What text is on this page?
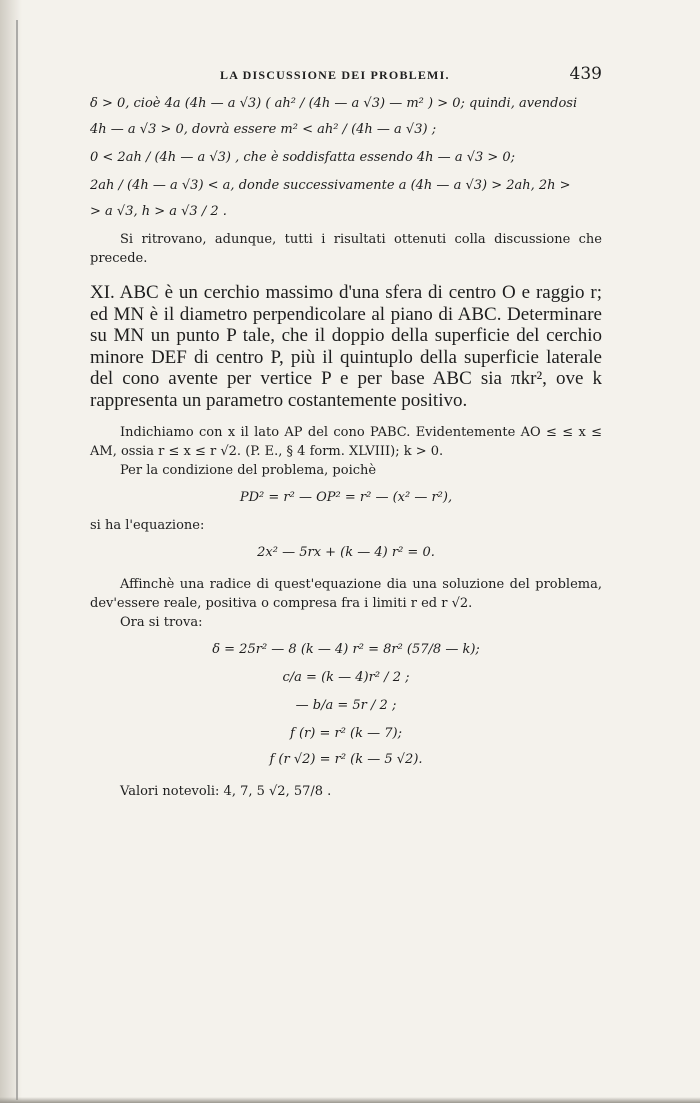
LA DISCUSSIONE DEI PROBLEMI.	439
δ > 0, cioè 4a (4h — a √3) ( ah² / (4h — a √3) — m² ) > 0; quindi, avendosi
4h — a √3 > 0, dovrà essere m² < ah² / (4h — a √3) ;
0 < 2ah / (4h — a √3) , che è soddisfatta essendo 4h — a √3 > 0;
2ah / (4h — a √3) < a, donde successivamente a (4h — a √3) > 2ah, 2h >
> a √3, h > a √3 / 2 .
Si ritrovano, adunque, tutti i risultati ottenuti colla discussione che precede.
XI. ABC è un cerchio massimo d'una sfera di centro O e raggio r; ed MN è il diametro perpendicolare al piano di ABC. Determinare su MN un punto P tale, che il doppio della superficie del cerchio minore DEF di centro P, più il quintuplo della superficie laterale del cono avente per vertice P e per base ABC sia πkr², ove k rappresenta un parametro costantemente positivo.
Indichiamo con x il lato AP del cono PABC. Evidentemente AO ≤ ≤ x ≤ AM, ossia r ≤ x ≤ r √2. (P. E., § 4 form. XLVIII); k > 0.
Per la condizione del problema, poichè
PD² = r² — OP² = r² — (x² — r²),
si ha l'equazione:
2x² — 5rx + (k — 4) r² = 0.
Affinchè una radice di quest'equazione dia una soluzione del problema, dev'essere reale, positiva o compresa fra i limiti r ed r √2.
Ora si trova:
δ = 25r² — 8 (k — 4) r² = 8r² (57/8 — k);
c/a = (k — 4)r² / 2 ;
— b/a = 5r / 2 ;
f (r) = r² (k — 7);
f (r √2) = r² (k — 5 √2).
Valori notevoli: 4, 7, 5 √2, 57/8 .
